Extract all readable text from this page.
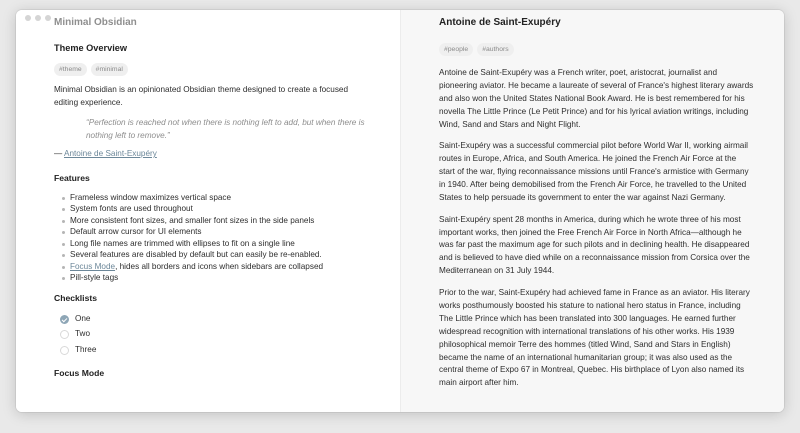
Minimal Obsidian
Theme Overview
#theme	#minimal

Minimal Obsidian is an opinionated Obsidian theme designed to create a focused editing experience.

“Perfection is reached not when there is nothing left to add, but when there is nothing left to remove.”
— Antoine de Saint-Exupéry
Features
Frameless window maximizes vertical space
System fonts are used throughout
More consistent font sizes, and smaller font sizes in the side panels
Default arrow cursor for UI elements
Long file names are trimmed with ellipses to fit on a single line
Several features are disabled by default but can easily be re-enabled.
Focus Mode, hides all borders and icons when sidebars are collapsed
Pill-style tags
Checklists
One
Two
Three
Focus Mode
Antoine de Saint-Exupéry
#people	#authors

Antoine de Saint-Exupéry was a French writer, poet, aristocrat, journalist and pioneering aviator. He became a laureate of several of France's highest literary awards and also won the United States National Book Award. He is best remembered for his novella The Little Prince (Le Petit Prince) and for his lyrical aviation writings, including Wind, Sand and Stars and Night Flight.

Saint-Exupéry was a successful commercial pilot before World War II, working airmail routes in Europe, Africa, and South America. He joined the French Air Force at the start of the war, flying reconnaissance missions until France's armistice with Germany in 1940. After being demobilised from the French Air Force, he travelled to the United States to help persuade its government to enter the war against Nazi Germany.

Saint-Exupéry spent 28 months in America, during which he wrote three of his most important works, then joined the Free French Air Force in North Africa—although he was far past the maximum age for such pilots and in declining health. He disappeared and is believed to have died while on a reconnaissance mission from Corsica over the Mediterranean on 31 July 1944.

Prior to the war, Saint-Exupéry had achieved fame in France as an aviator. His literary works posthumously boosted his stature to national hero status in France, including The Little Prince which has been translated into 300 languages. He earned further widespread recognition with international translations of his other works. His 1939 philosophical memoir Terre des hommes (titled Wind, Sand and Stars in English) became the name of an international humanitarian group; it was also used as the central theme of Expo 67 in Montreal, Quebec. His birthplace of Lyon also named its main airport after him.
